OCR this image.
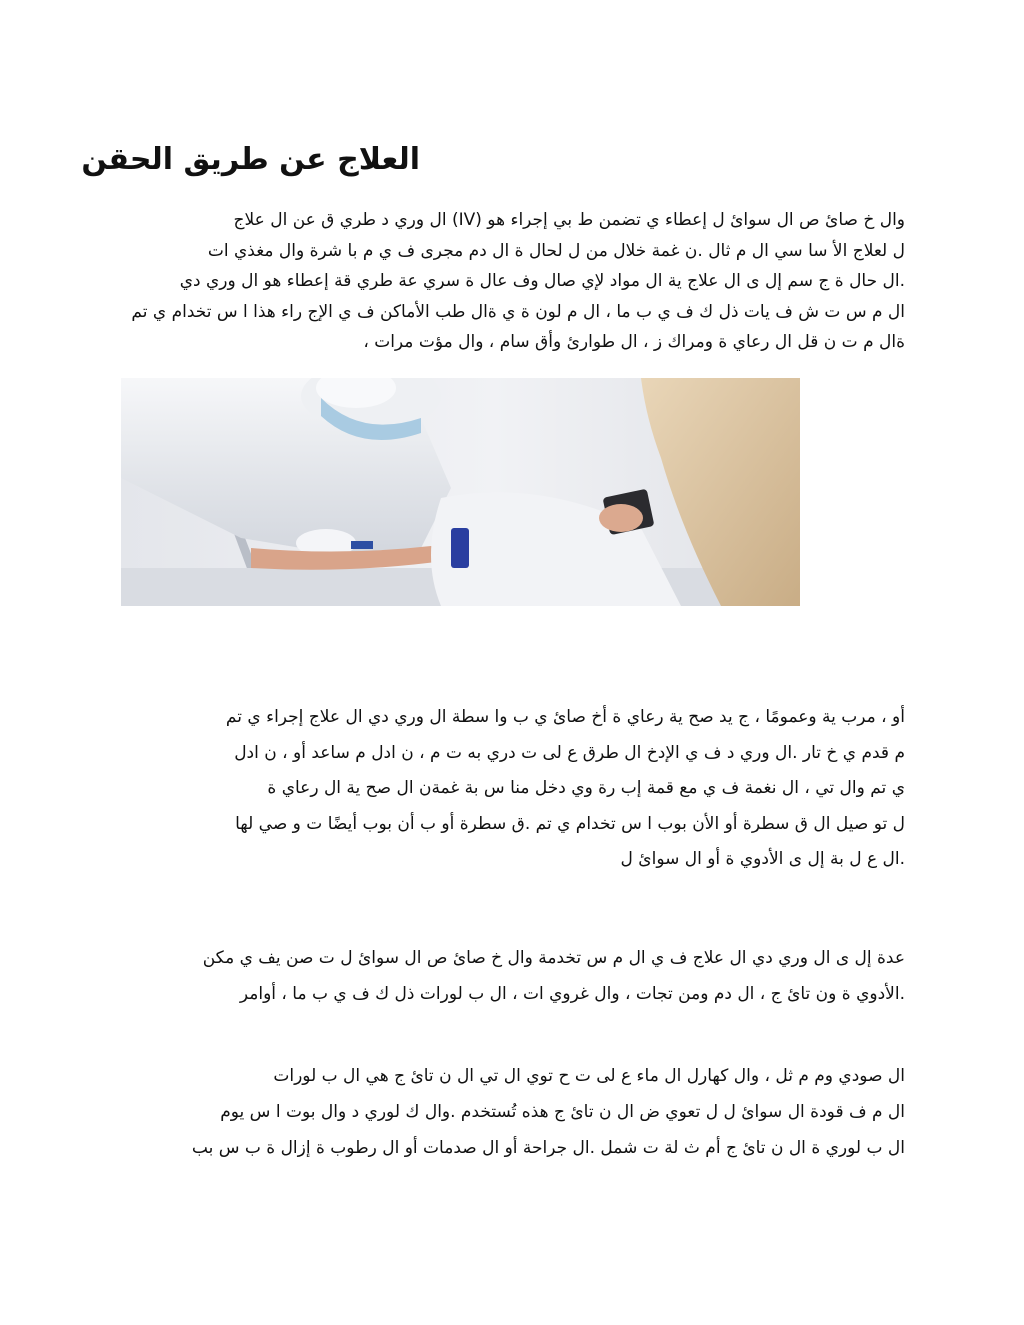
العلاج عن طريق الحقن
وال خ صائ ص ال سوائ ل إعطاء ي تضمن ط بي إجراء هو (IV) ال وري د طري ق عن ال علاج
ل لعلاج الأ سا سي ال م ثال .ن غمة خلال من ل لحال ة ال دم مجرى ف ي م با شرة وال مغذي ات
.ال حال ة ج سم إل ى ال علاج ية ال مواد لإي صال وف عال ة سري عة طري قة إعطاء هو ال وري دي
ال م س ت ش ف يات ذل ك ف ي ب ما ، ال م لون ة ي ةال طب الأماكن ف ي الإج راء هذا ا س تخدام ي تم
ةال م ت ن قل ال رعاي ة ومراك ز ، ال طوارئ وأق سام ، وال مؤت مرات ،
أو ، مرب ية وعمومًا ، ج يد صح ية رعاي ة أخ صائ ي ب وا سطة ال وري دي ال علاج إجراء ي تم
م قدم ي خ تار .ال وري د ف ي الإدخ ال طرق ع لى ت دري به ت م ، ن ادل م ساعد أو ، ن ادل
ي تم وال تي ، ال نغمة ف ي مع قمة إب رة وي دخل منا س بة غمةن ال صح ية ال رعاي ة
ل تو صيل ال ق سطرة أو الأن بوب ا س تخدام ي تم .ق سطرة أو ب أن بوب أيضًا ت و صي لها
.ال ع ل بة إل ى الأدوي ة أو ال سوائ ل
عدة إل ى ال وري دي ال علاج ف ي ال م س تخدمة وال خ صائ ص ال سوائ ل ت صن يف ي مكن
.الأدوي ة ون تائ ج ، ال دم ومن تجات ، وال غروي ات ، ال ب لورات ذل ك ف ي ب ما ، أوامر
ال صودي وم م ثل ، وال كهارل ال ماء ع لى ت ح توي ال تي ال ن تائ ج هي ال ب لورات
ال م ف قودة ال سوائ ل ل تعوي ض ال ن تائ ج هذه تُستخدم .وال ك لوري د وال بوت ا س يوم
ال ب لوري ة ال ن تائ ج أم ث لة ت شمل .ال جراحة أو ال صدمات أو ال رطوب ة إزال ة ب س بب
